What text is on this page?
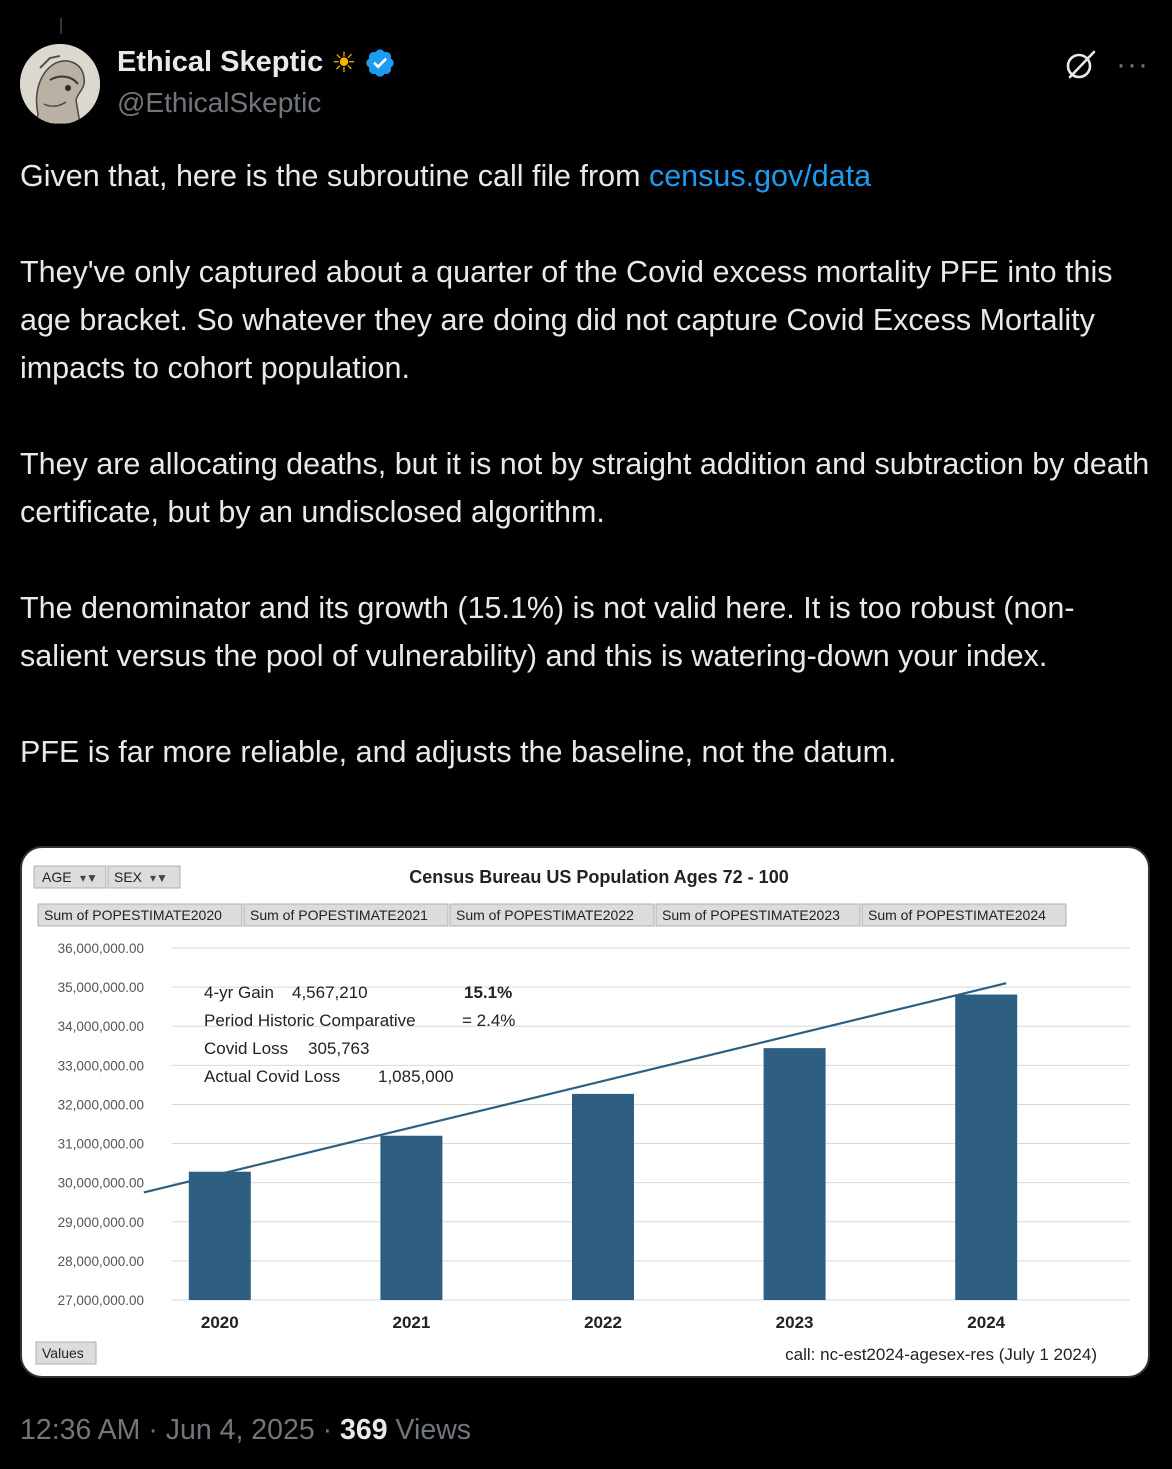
Ethical Skeptic ☀
@EthicalSkeptic
···

Given that, here is the subroutine call file from census.gov/data

They've only captured about a quarter of the Covid excess mortality PFE into this age bracket. So whatever they are doing did not capture Covid Excess Mortality impacts to cohort population.

They are allocating deaths, but it is not by straight addition and subtraction by death certificate, but by an undisclosed algorithm.

The denominator and its growth (15.1%) is not valid here. It is too robust (non-salient versus the pool of vulnerability) and this is watering-down your index.

PFE is far more reliable, and adjusts the baseline, not the datum.

AGE ▾▼ SEX ▾▼	Census Bureau US Population Ages 72 - 100
Sum of POPESTIMATE2020 Sum of POPESTIMATE2021 Sum of POPESTIMATE2022 Sum of POPESTIMATE2023 Sum of POPESTIMATE2024
36,000,000.00
35,000,000.00
34,000,000.00
33,000,000.00
32,000,000.00
31,000,000.00
30,000,000.00
29,000,000.00
28,000,000.00
27,000,000.00
2020	2021	2022	2023	2024
4-yr Gain 4,567,210	15.1%
Period Historic Comparative	= 2.4%
Covid Loss 305,763
Actual Covid Loss 1,085,000
Values	call: nc-est2024-agesex-res (July 1 2024)
12:36 AM · Jun 4, 2025 · 369 Views
